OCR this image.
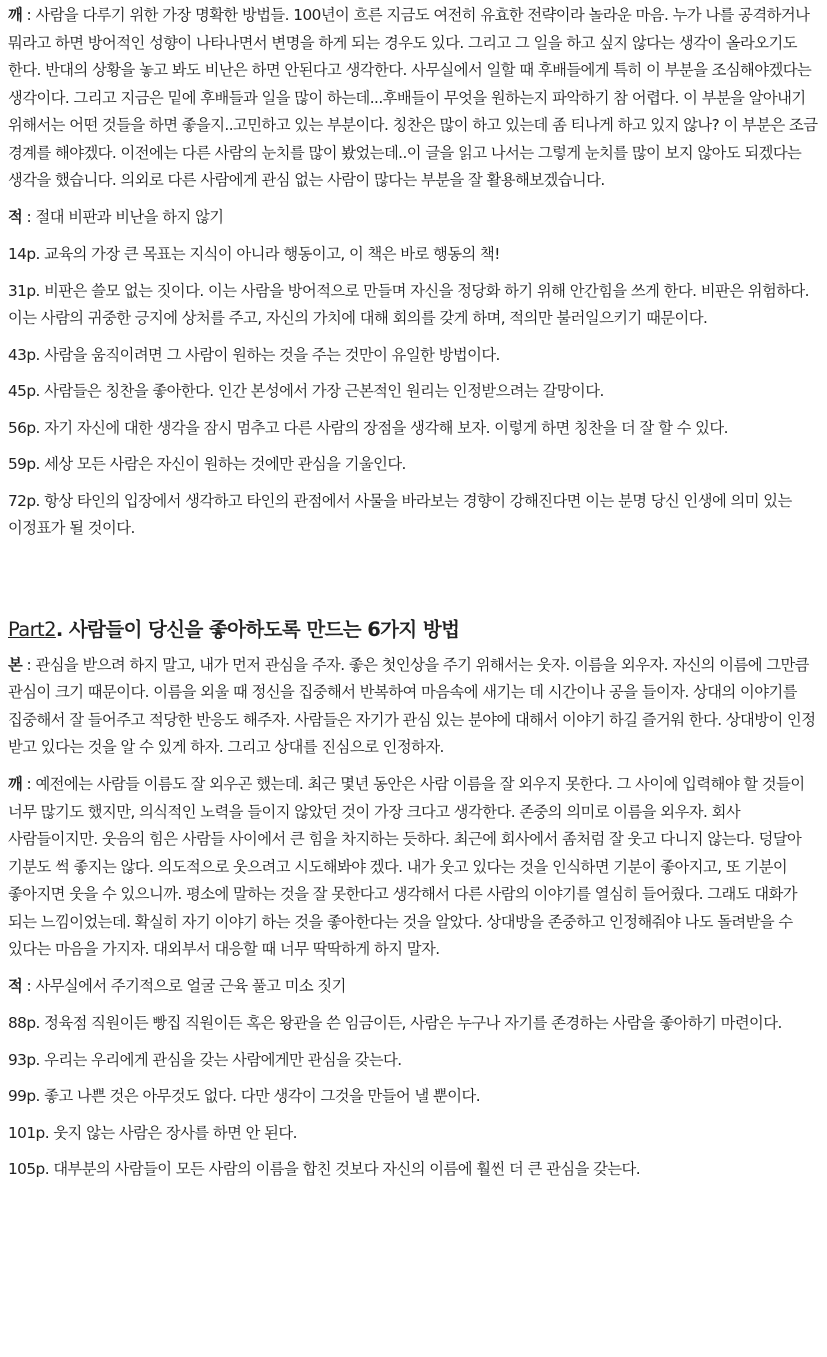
깨 : 사람을 다루기 위한 가장 명확한 방법들. 100년이 흐른 지금도 여전히 유효한 전략이라 놀라운 마음. 누가 나를 공격하거나 뭐라고 하면 방어적인 성향이 나타나면서 변명을 하게 되는 경우도 있다. 그리고 그 일을 하고 싶지 않다는 생각이 올라오기도 한다. 반대의 상황을 놓고 봐도 비난은 하면 안된다고 생각한다. 사무실에서 일할 때 후배들에게 특히 이 부분을 조심해야겠다는 생각이다. 그리고 지금은 밑에 후배들과 일을 많이 하는데...후배들이 무엇을 원하는지 파악하기 참 어렵다. 이 부분을 알아내기 위해서는 어떤 것들을 하면 좋을지..고민하고 있는 부분이다. 칭찬은 많이 하고 있는데 좀 티나게 하고 있지 않나? 이 부분은 조금 경계를 해야겠다. 이전에는 다른 사람의 눈치를 많이 봤었는데..이 글을 읽고 나서는 그렇게 눈치를 많이 보지 않아도 되겠다는 생각을 했습니다. 의외로 다른 사람에게 관심 없는 사람이 많다는 부분을 잘 활용해보겠습니다.

적 : 절대 비판과 비난을 하지 않기

14p. 교육의 가장 큰 목표는 지식이 아니라 행동이고, 이 책은 바로 행동의 책!

31p. 비판은 쓸모 없는 짓이다. 이는 사람을 방어적으로 만들며 자신을 정당화 하기 위해 안간힘을 쓰게 한다. 비판은 위험하다. 이는 사람의 귀중한 긍지에 상처를 주고, 자신의 가치에 대해 회의를 갖게 하며, 적의만 불러일으키기 때문이다.

43p. 사람을 움직이려면 그 사람이 원하는 것을 주는 것만이 유일한 방법이다.

45p. 사람들은 칭찬을 좋아한다. 인간 본성에서 가장 근본적인 원리는 인정받으려는 갈망이다.

56p. 자기 자신에 대한 생각을 잠시 멈추고 다른 사람의 장점을 생각해 보자. 이렇게 하면 칭찬을 더 잘 할 수 있다.

59p. 세상 모든 사람은 자신이 원하는 것에만 관심을 기울인다.

72p. 항상 타인의 입장에서 생각하고 타인의 관점에서 사물을 바라보는 경향이 강해진다면 이는 분명 당신 인생에 의미 있는 이정표가 될 것이다.

Part2. 사람들이 당신을 좋아하도록 만드는 6가지 방법

본 : 관심을 받으려 하지 말고, 내가 먼저 관심을 주자. 좋은 첫인상을 주기 위해서는 웃자. 이름을 외우자. 자신의 이름에 그만큼 관심이 크기 때문이다. 이름을 외울 때 정신을 집중해서 반복하여 마음속에 새기는 데 시간이나 공을 들이자. 상대의 이야기를 집중해서 잘 들어주고 적당한 반응도 해주자. 사람들은 자기가 관심 있는 분야에 대해서 이야기 하길 즐거워 한다. 상대방이 인정 받고 있다는 것을 알 수 있게 하자. 그리고 상대를 진심으로 인정하자.

깨 : 예전에는 사람들 이름도 잘 외우곤 했는데. 최근 몇년 동안은 사람 이름을 잘 외우지 못한다. 그 사이에 입력해야 할 것들이 너무 많기도 했지만, 의식적인 노력을 들이지 않았던 것이 가장 크다고 생각한다. 존중의 의미로 이름을 외우자. 회사 사람들이지만. 웃음의 힘은 사람들 사이에서 큰 힘을 차지하는 듯하다. 최근에 회사에서 좀처럼 잘 웃고 다니지 않는다. 덩달아 기분도 썩 좋지는 않다. 의도적으로 웃으려고 시도해봐야 겠다. 내가 웃고 있다는 것을 인식하면 기분이 좋아지고, 또 기분이 좋아지면 웃을 수 있으니까. 평소에 말하는 것을 잘 못한다고 생각해서 다른 사람의 이야기를 열심히 들어줬다. 그래도 대화가 되는 느낌이었는데. 확실히 자기 이야기 하는 것을 좋아한다는 것을 알았다. 상대방을 존중하고 인정해줘야 나도 돌려받을 수 있다는 마음을 가지자. 대외부서 대응할 때 너무 딱딱하게 하지 말자.

적 : 사무실에서 주기적으로 얼굴 근육 풀고 미소 짓기

88p. 정육점 직원이든 빵집 직원이든 혹은 왕관을 쓴 임금이든, 사람은 누구나 자기를 존경하는 사람을 좋아하기 마련이다.

93p. 우리는 우리에게 관심을 갖는 사람에게만 관심을 갖는다.

99p. 좋고 나쁜 것은 아무것도 없다. 다만 생각이 그것을 만들어 낼 뿐이다.

101p. 웃지 않는 사람은 장사를 하면 안 된다.

105p. 대부분의 사람들이 모든 사람의 이름을 합친 것보다 자신의 이름에 훨씬 더 큰 관심을 갖는다.
